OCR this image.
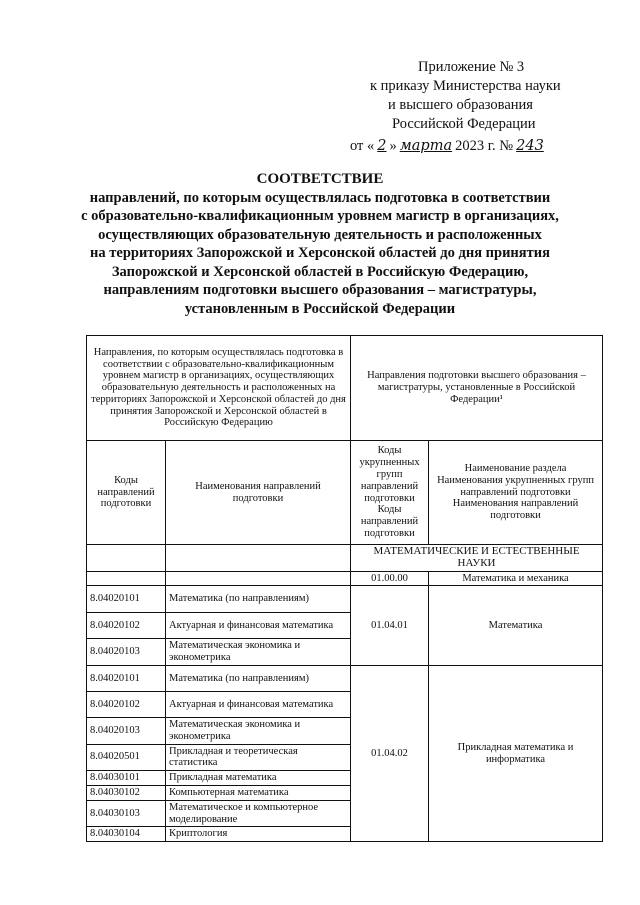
Приложение № 3
к приказу Министерства науки
и высшего образования
Российской Федерации
от « 2 » марта 2023 г. № 243
СООТВЕТСТВИЕ
направлений, по которым осуществлялась подготовка в соответствии
с образовательно-квалификационным уровнем магистр в организациях,
осуществляющих образовательную деятельность и расположенных
на территориях Запорожской и Херсонской областей до дня принятия
Запорожской и Херсонской областей в Российскую Федерацию,
направлениям подготовки высшего образования – магистратуры,
установленным в Российской Федерации
Направления, по которым осуществлялась подготовка в соответствии с образовательно-квалификационным уровнем магистр в организациях, осуществляющих образовательную деятельность и расположенных на территориях Запорожской и Херсонской областей до дня принятия Запорожской и Херсонской областей в Российскую Федерацию		Направления подготовки высшего образования – магистратуры, установленные в Российской Федерации¹	
Коды направлений подготовки	Наименования направлений подготовки	Коды укрупненных групп направлений подготовки Коды направлений подготовки	Наименование раздела Наименования укрупненных групп направлений подготовки Наименования направлений подготовки
		МАТЕМАТИЧЕСКИЕ И ЕСТЕСТВЕННЫЕ НАУКИ	
		01.00.00	Математика и механика
8.04020101	Математика (по направлениям)	01.04.01	Математика
8.04020102	Актуарная и финансовая математика		
8.04020103	Математическая экономика и эконометрика		
8.04020101	Математика (по направлениям)	01.04.02	Прикладная математика и информатика
8.04020102	Актуарная и финансовая математика		
8.04020103	Математическая экономика и эконометрика		
8.04020501	Прикладная и теоретическая статистика		
8.04030101	Прикладная математика		
8.04030102	Компьютерная математика		
8.04030103	Математическое и компьютерное моделирование		
8.04030104	Криптология		
